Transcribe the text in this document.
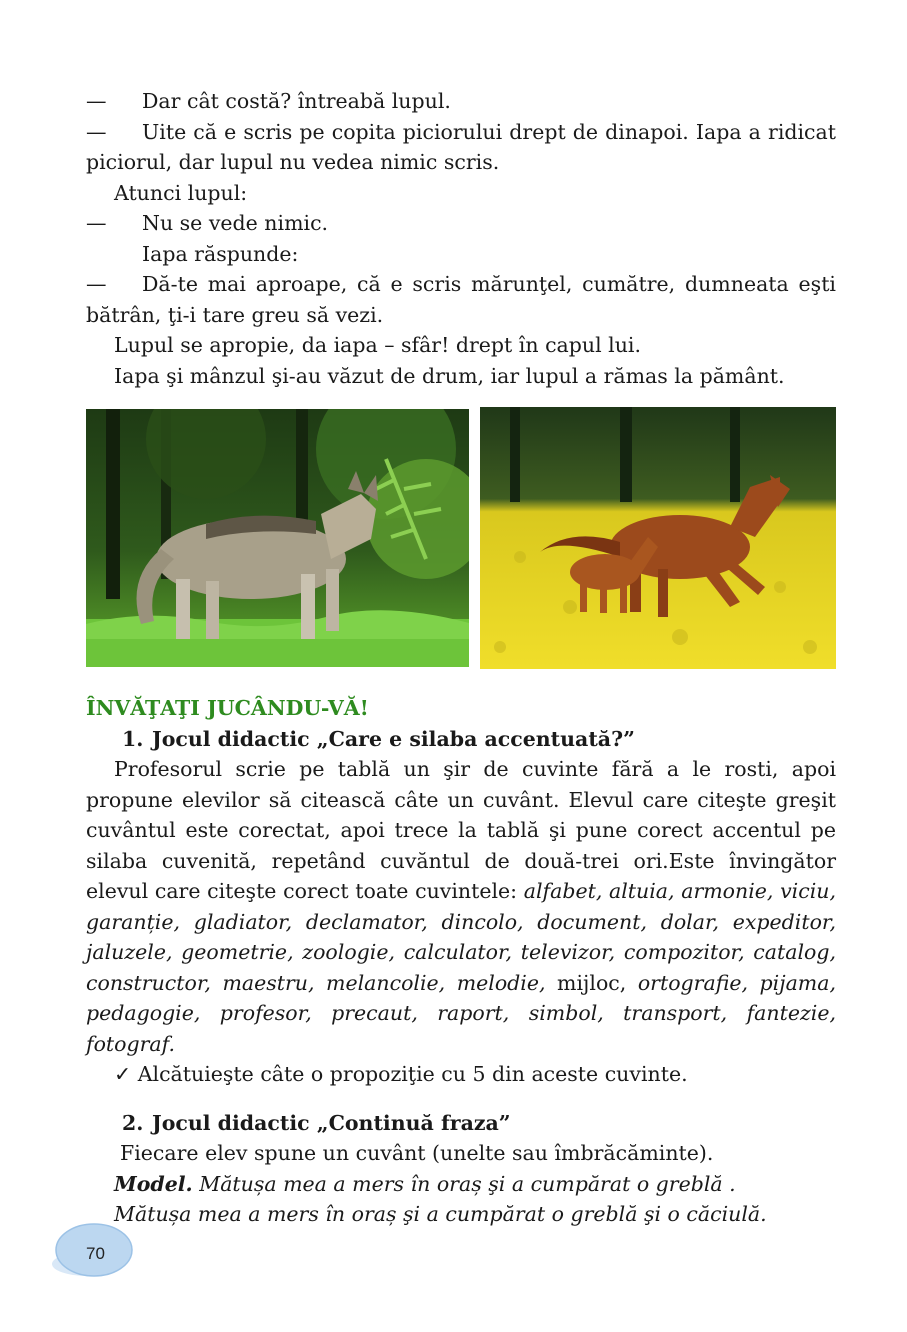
— Dar cât costă? întreabă lupul.

— Uite că e scris pe copita piciorului drept de dinapoi. Iapa a ridicat piciorul, dar lupul nu vedea nimic scris.

Atunci lupul:

— Nu se vede nimic.

Iapa răspunde:

— Dă-te mai aproape, că e scris mărunţel, cumătre, dumneata eşti bătrân, ţi-i tare greu să vezi.

Lupul se apropie, da iapa – sfâr! drept în capul lui.

Iapa şi mânzul şi-au văzut de drum, iar lupul a rămas la pământ.

ÎNVĂŢAŢI JUCÂNDU-VĂ!

1. Jocul didactic „Care e silaba accentuată?”

Profesorul scrie pe tablă un şir de cuvinte fără a le rosti, apoi propune elevilor să citească câte un cuvânt. Elevul care citeşte greşit cuvântul este corectat, apoi trece la tablă şi pune corect accentul pe silaba cuvenită, repetând cuvăntul de două-trei ori.Este învingător elevul care citeşte corect toate cuvintele: alfabet, altuia, armonie, viciu, garanție, gladiator, declamator, dincolo, document, dolar, expeditor, jaluzele, geometrie, zoologie, calculator, televizor, compozitor, catalog, constructor, maestru, melancolie, melodie, mijloc, ortografie, pijama, pedagogie, profesor, precaut, raport, simbol, transport, fantezie, fotograf.

✓ Alcătuieşte câte o propoziţie cu 5 din aceste cuvinte.

2. Jocul didactic „Continuă fraza”

Fiecare elev spune un cuvânt (unelte sau îmbrăcăminte).

Model. Mătușa mea a mers în oraș şi a cumpărat o greblă .

Mătușa mea a mers în oraș şi a cumpărat o greblă şi o căciulă.

70
